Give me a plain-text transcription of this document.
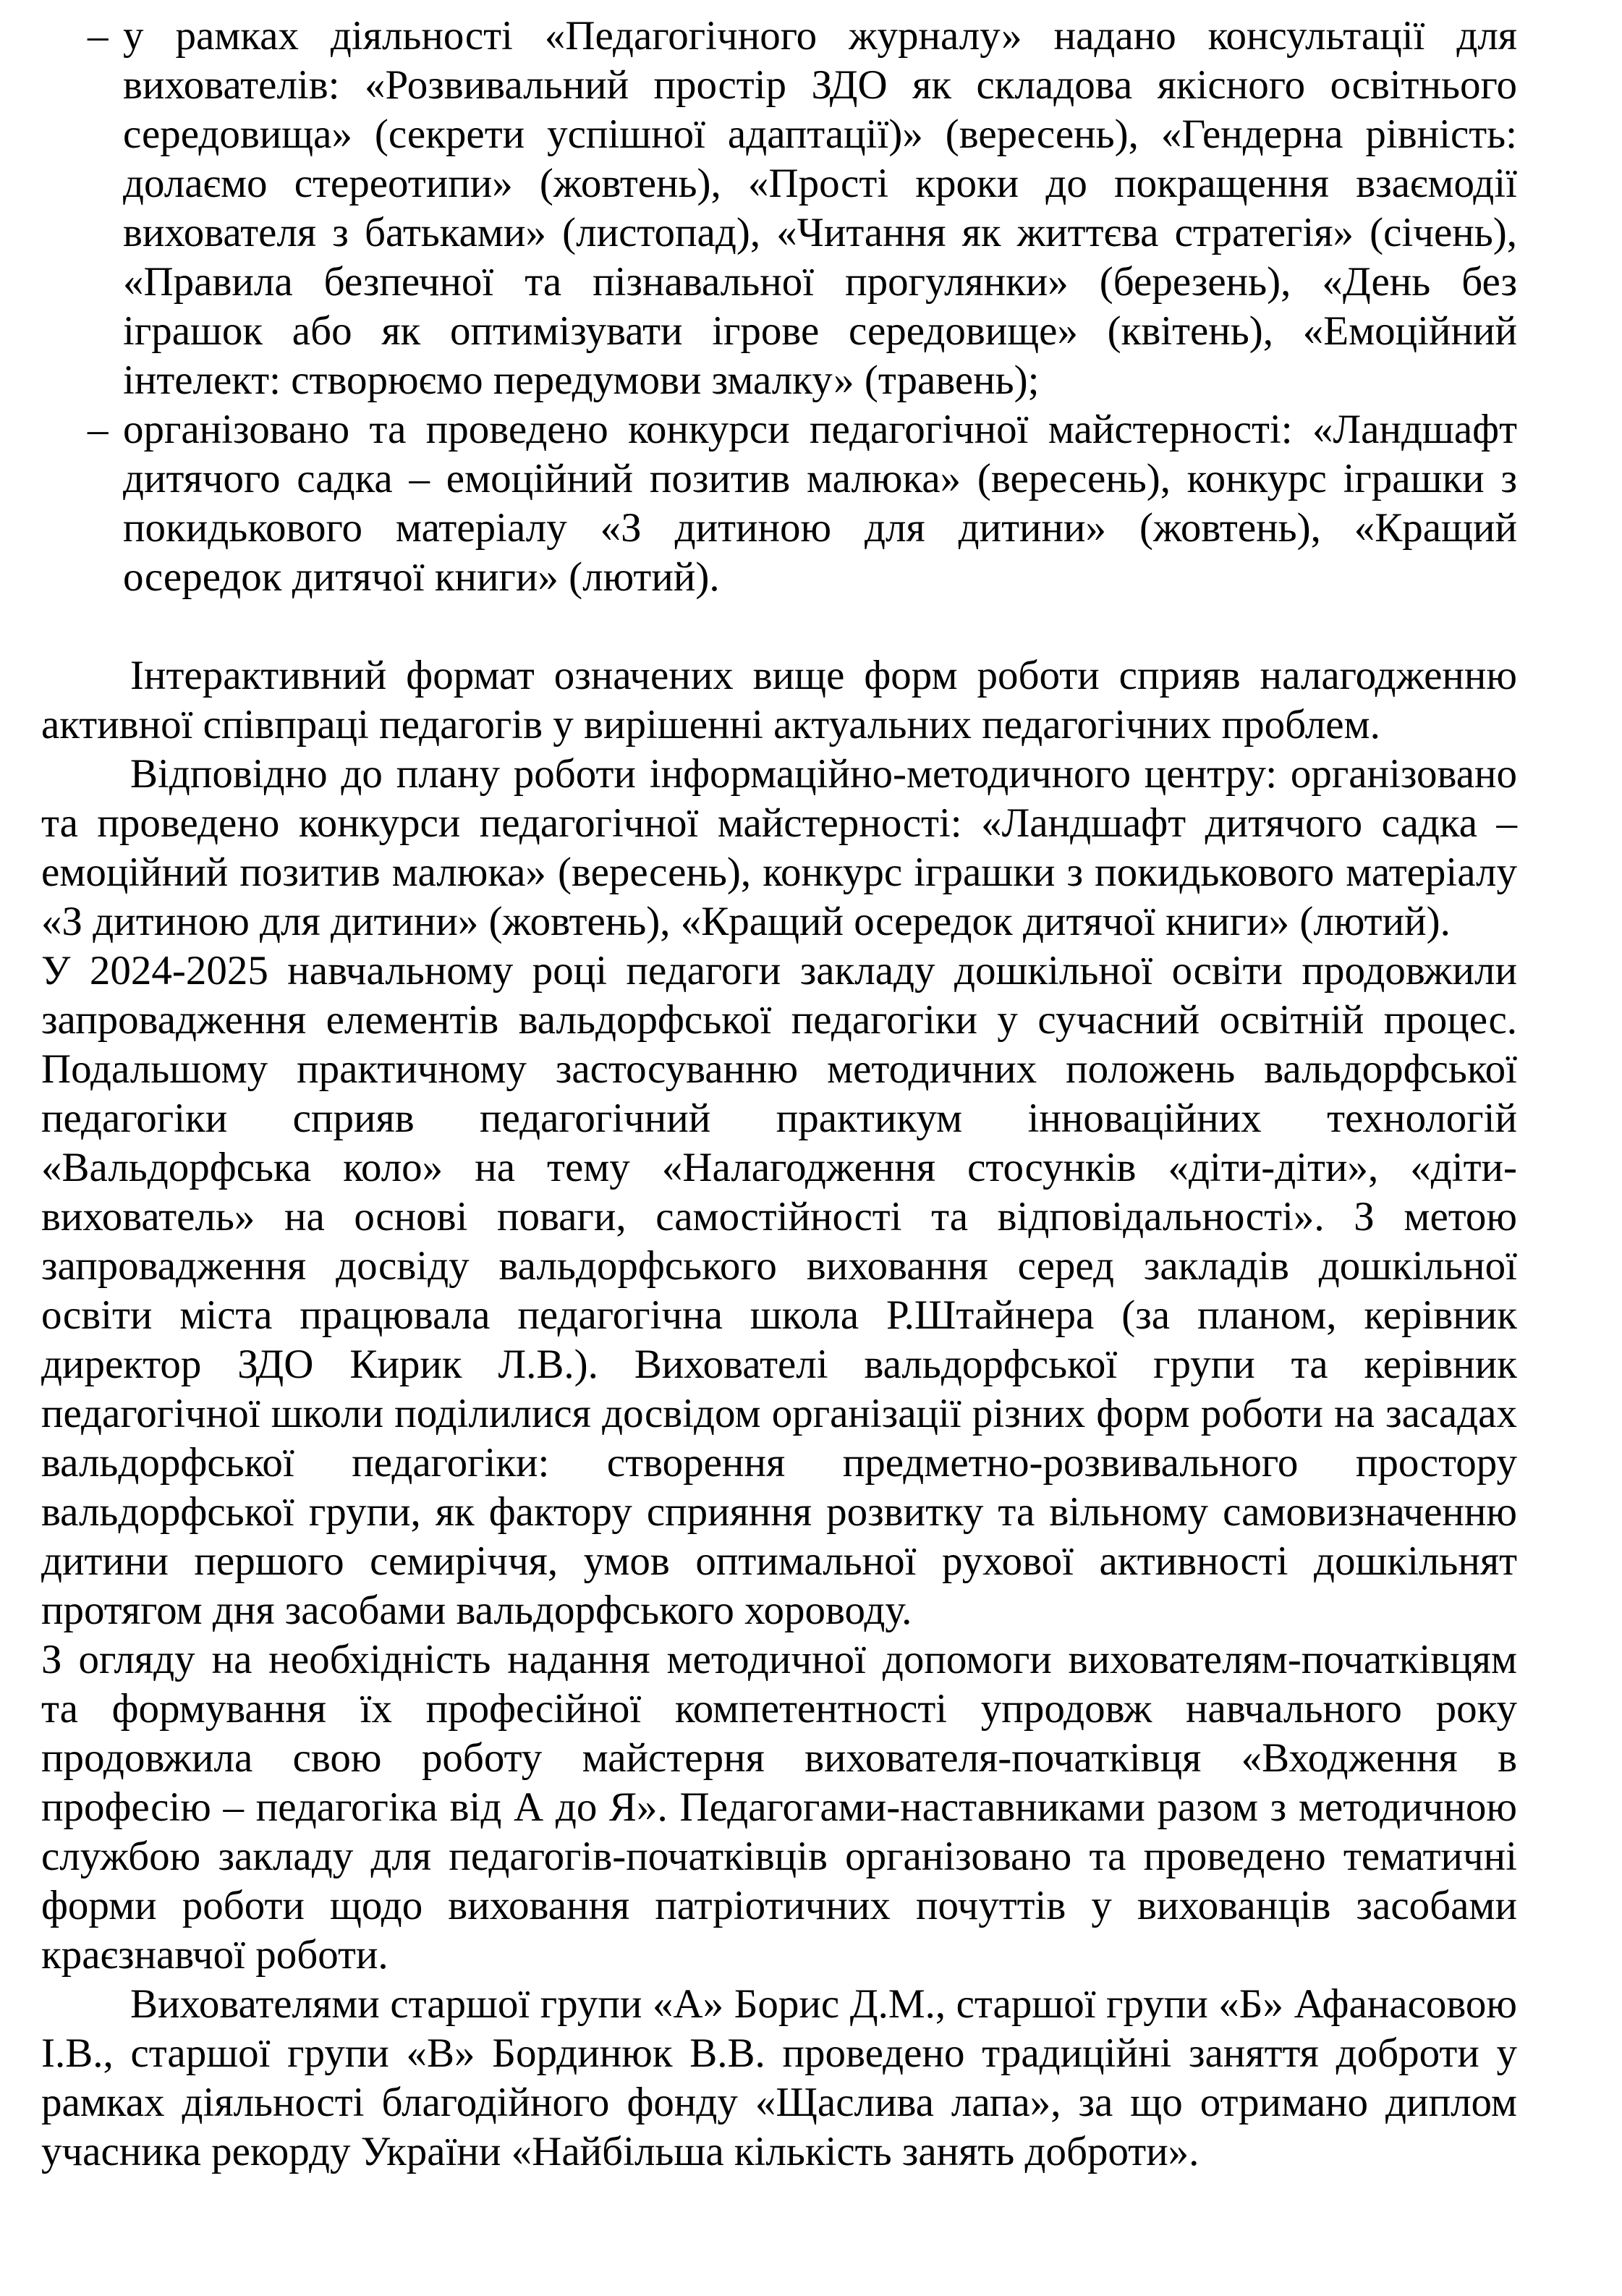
– у рамках діяльності «Педагогічного журналу» надано консультації для вихователів: «Розвивальний простір ЗДО як складова якісного освітнього середовища» (секрети успішної адаптації)» (вересень), «Гендерна рівність: долаємо стереотипи» (жовтень), «Прості кроки до покращення взаємодії вихователя з батьками» (листопад), «Читання як життєва стратегія» (січень), «Правила безпечної та пізнавальної прогулянки» (березень), «День без іграшок або як оптимізувати ігрове середовище» (квітень), «Емоційний інтелект: створюємо передумови змалку» (травень);
– організовано та проведено конкурси педагогічної майстерності: «Ландшафт дитячого садка – емоційний позитив малюка» (вересень), конкурс іграшки з покидькового матеріалу «З дитиною для дитини» (жовтень), «Кращий осередок дитячої книги» (лютий).

Інтерактивний формат означених вище форм роботи сприяв налагодженню активної співпраці педагогів у вирішенні актуальних педагогічних проблем.

Відповідно до плану роботи інформаційно-методичного центру: організовано та проведено конкурси педагогічної майстерності: «Ландшафт дитячого садка – емоційний позитив малюка» (вересень), конкурс іграшки з покидькового матеріалу «З дитиною для дитини» (жовтень), «Кращий осередок дитячої книги» (лютий).

У 2024-2025 навчальному році педагоги закладу дошкільної освіти продовжили запровадження елементів вальдорфської педагогіки у сучасний освітній процес. Подальшому практичному застосуванню методичних положень вальдорфської педагогіки сприяв педагогічний практикум інноваційних технологій «Вальдорфська коло» на тему «Налагодження стосунків «діти-діти», «діти-вихователь» на основі поваги, самостійності та відповідальності». З метою запровадження досвіду вальдорфського виховання серед закладів дошкільної освіти міста працювала педагогічна школа Р.Штайнера (за планом, керівник директор ЗДО Кирик Л.В.). Вихователі вальдорфської групи та керівник педагогічної школи поділилися досвідом організації різних форм роботи на засадах вальдорфської педагогіки: створення предметно-розвивального простору вальдорфської групи, як фактору сприяння розвитку та вільному самовизначенню дитини першого семиріччя, умов оптимальної рухової активності дошкільнят протягом дня засобами вальдорфського хороводу.

З огляду на необхідність надання методичної допомоги вихователям-початківцям та формування їх професійної компетентності упродовж навчального року продовжила свою роботу майстерня вихователя-початківця «Входження в професію – педагогіка від А до Я». Педагогами-наставниками разом з методичною службою закладу для педагогів-початківців організовано та проведено тематичні форми роботи щодо виховання патріотичних почуттів у вихованців засобами краєзнавчої роботи.

Вихователями старшої групи «А» Борис Д.М., старшої групи «Б» Афанасовою І.В., старшої групи «В» Бординюк В.В. проведено традиційні заняття доброти у рамках діяльності благодійного фонду «Щаслива лапа», за що отримано диплом учасника рекорду України «Найбільша кількість занять доброти».
